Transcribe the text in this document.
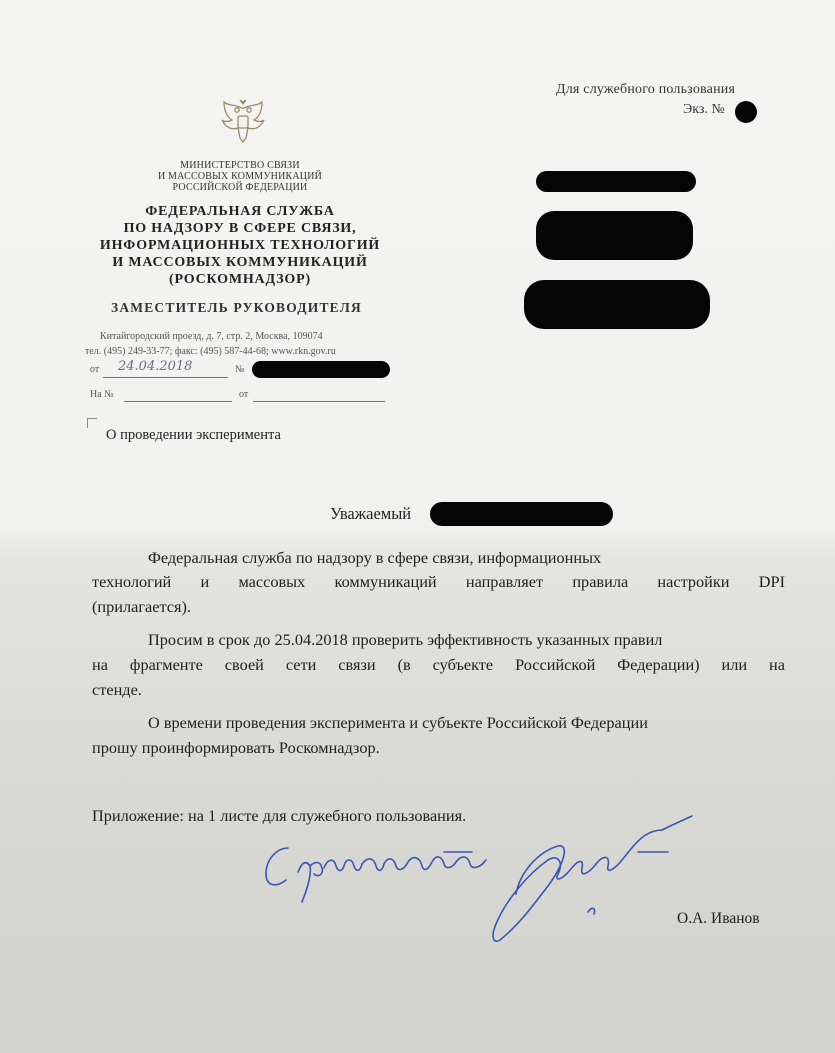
Для служебного пользования
Экз. №
МИНИСТЕРСТВО СВЯЗИ
И МАССОВЫХ КОММУНИКАЦИЙ
РОССИЙСКОЙ ФЕДЕРАЦИИ
ФЕДЕРАЛЬНАЯ СЛУЖБА
ПО НАДЗОРУ В СФЕРЕ СВЯЗИ,
ИНФОРМАЦИОННЫХ ТЕХНОЛОГИЙ
И МАССОВЫХ КОММУНИКАЦИЙ
(РОСКОМНАДЗОР)
ЗАМЕСТИТЕЛЬ РУКОВОДИТЕЛЯ
Китайгородский проезд, д. 7, стр. 2, Москва, 109074
тел. (495) 249-33-77; факс: (495) 587-44-68; www.rkn.gov.ru
от 24.04.2018	№
На №	от
О проведении эксперимента
Уважаемый
Федеральная служба по надзору в сфере связи, информационных
технологий и массовых коммуникаций направляет правила настройки DPI
(прилагается).
Просим в срок до 25.04.2018 проверить эффективность указанных правил
на фрагменте своей сети связи (в субъекте Российской Федерации) или на
стенде.
О времени проведения эксперимента и субъекте Российской Федерации
прошу проинформировать Роскомнадзор.
Приложение: на 1 листе для служебного пользования.
О.А. Иванов
